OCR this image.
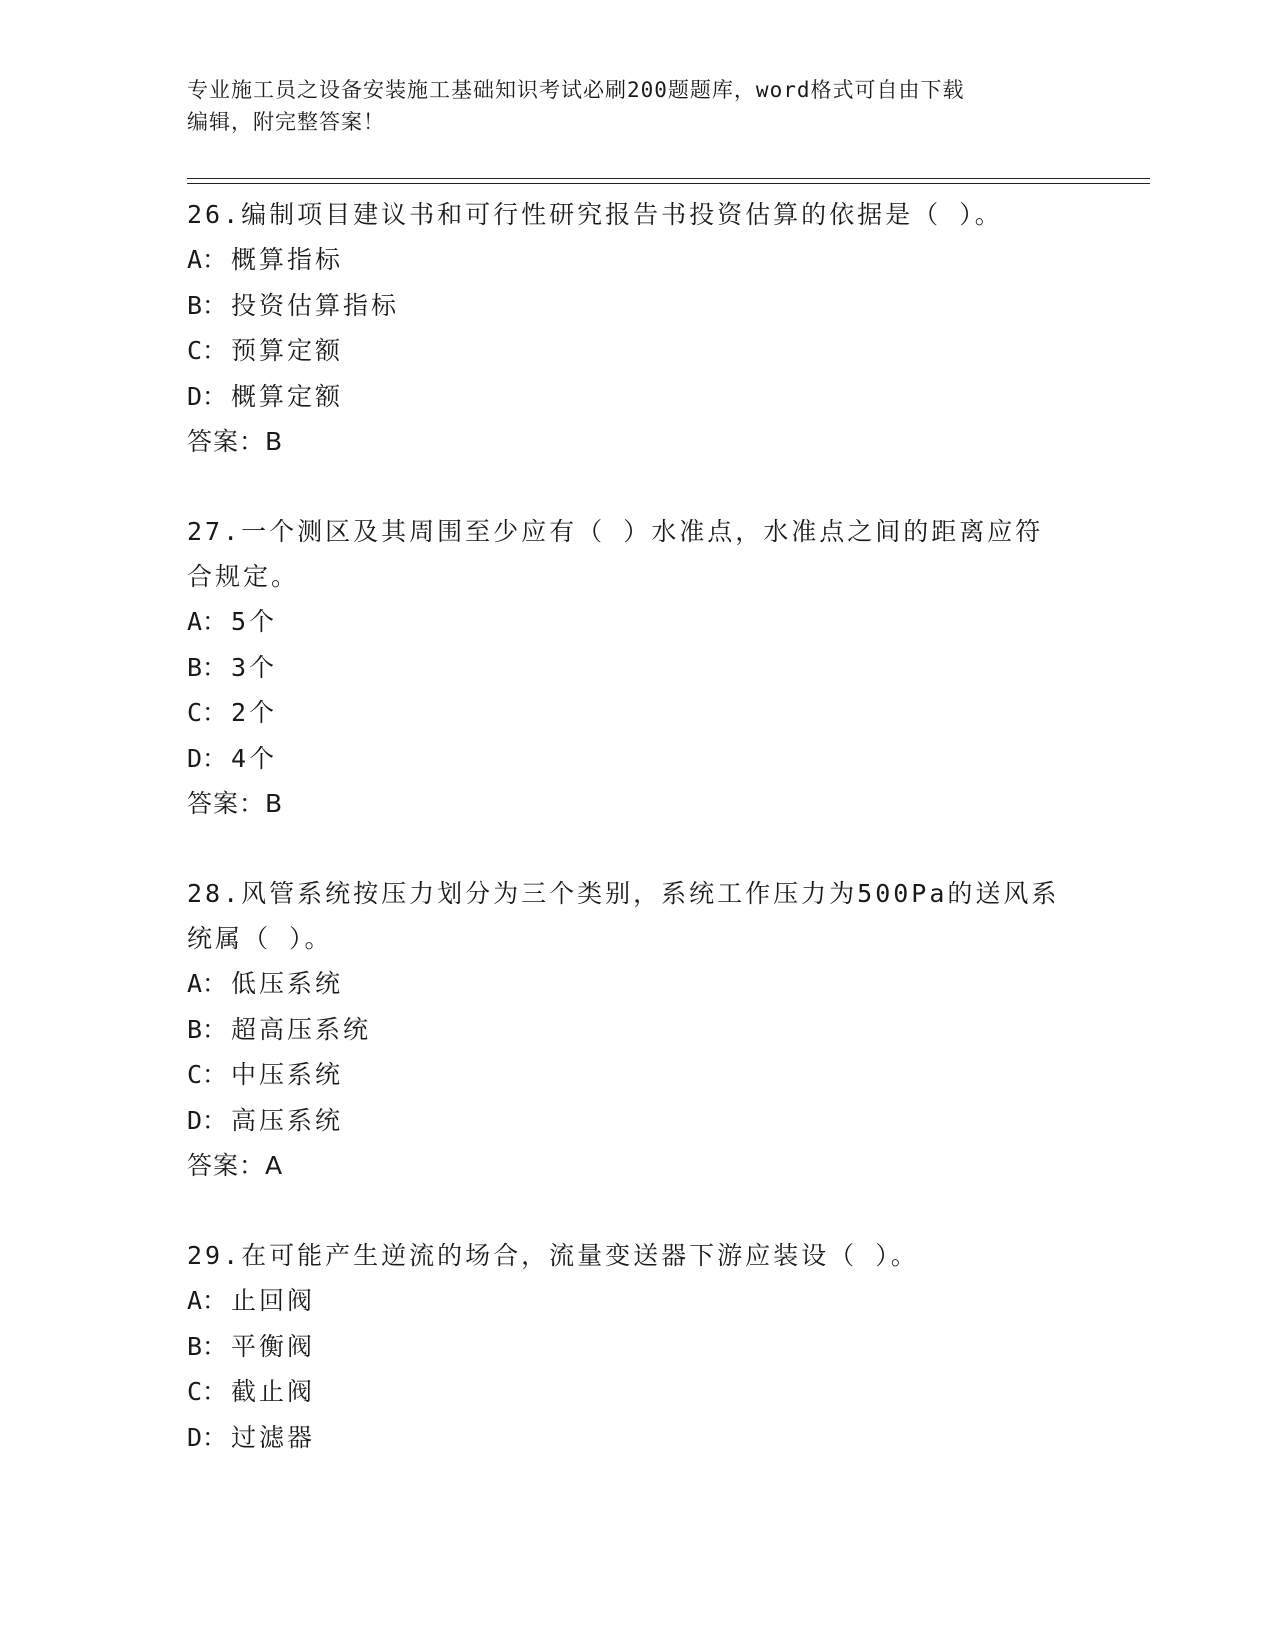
专业施工员之设备安装施工基础知识考试必刷200题题库，word格式可自由下载
编辑，附完整答案！
26.编制项目建议书和可行性研究报告书投资估算的依据是（ ）。
A： 概算指标
B： 投资估算指标
C： 预算定额
D： 概算定额
答案：B
27.一个测区及其周围至少应有（ ）水准点，水准点之间的距离应符
合规定。
A： 5个
B： 3个
C： 2个
D： 4个
答案：B
28.风管系统按压力划分为三个类别，系统工作压力为500Pa的送风系
统属（ ）。
A： 低压系统
B： 超高压系统
C： 中压系统
D： 高压系统
答案：A
29.在可能产生逆流的场合，流量变送器下游应装设（ ）。
A： 止回阀
B： 平衡阀
C： 截止阀
D： 过滤器
